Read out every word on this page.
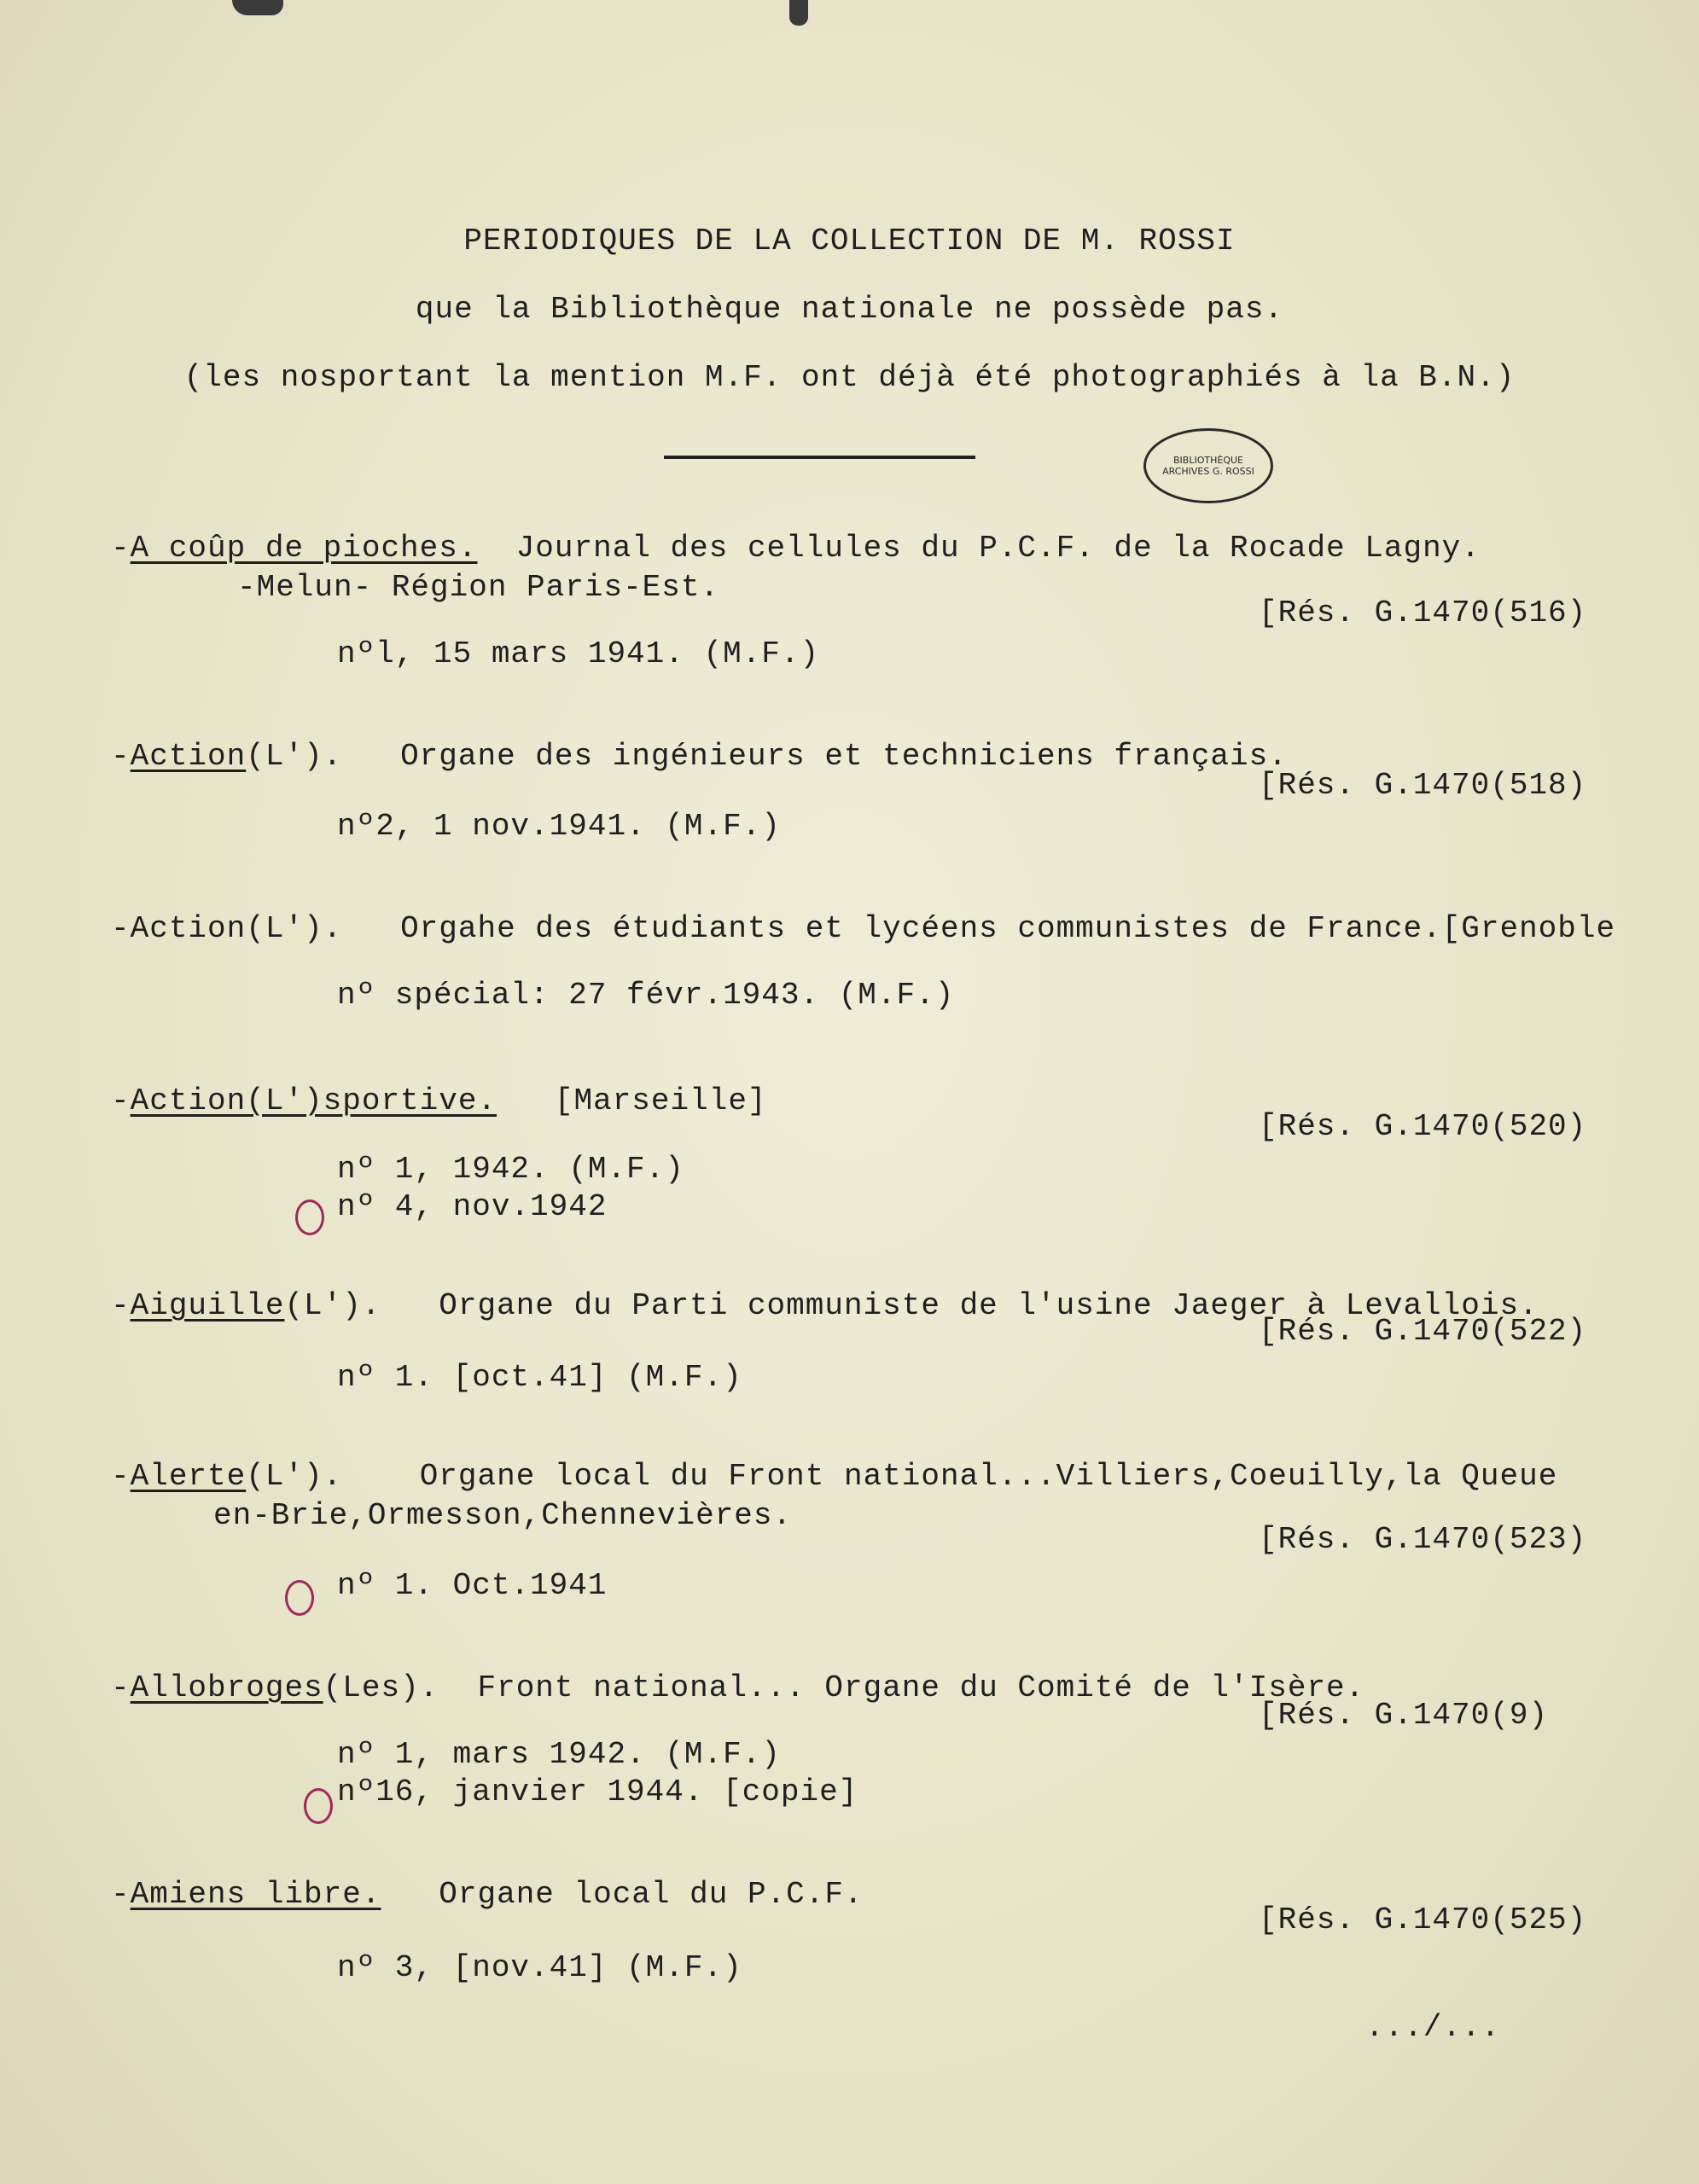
PERIODIQUES DE LA COLLECTION DE M. ROSSI
que la Bibliothèque nationale ne possède pas.
(les nosportant la mention M.F. ont déjà été photographiés à la B.N.)
BIBLIOTHÈQUE ARCHIVES G. ROSSI
-A coûp de pioches. Journal des cellules du P.C.F. de la Rocade Lagny.
-Melun- Région Paris-Est.
[Rés. G.1470(516)
nºl, 15 mars 1941. (M.F.)
-Action(L'). Organe des ingénieurs et techniciens français.
[Rés. G.1470(518)
nº2, 1 nov.1941. (M.F.)
-Action(L'). Orgahe des étudiants et lycéens communistes de France.[Grenoble
nº spécial: 27 févr.1943. (M.F.)
-Action(L')sportive. [Marseille]
[Rés. G.1470(520)
nº 1, 1942. (M.F.)
nº 4, nov.1942
-Aiguille(L'). Organe du Parti communiste de l'usine Jaeger à Levallois.
[Rés. G.1470(522)
nº 1. [oct.41] (M.F.)
-Alerte(L').	Organe local du Front national...Villiers,Coeuilly,la Queue
en-Brie,Ormesson,Chennevières.
[Rés. G.1470(523)
nº 1. Oct.1941
-Allobroges(Les). Front national... Organe du Comité de l'Isère.
[Rés. G.1470(9)
nº 1, mars 1942. (M.F.)
nº16, janvier 1944. [copie]
-Amiens libre. Organe local du P.C.F.
[Rés. G.1470(525)
nº 3, [nov.41] (M.F.)
.../...
